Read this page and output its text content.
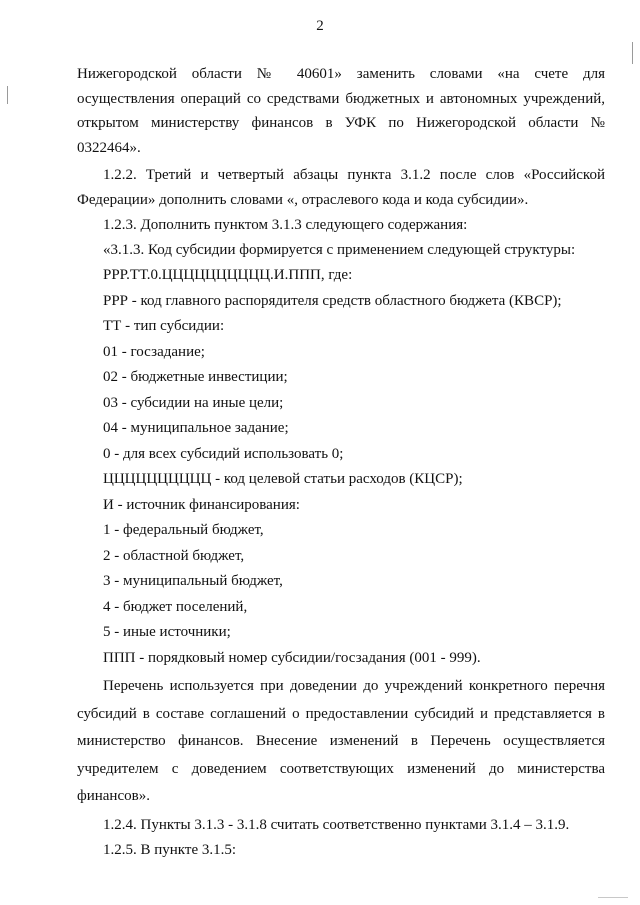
2
Нижегородской области № 40601» заменить словами «на счете для
осуществления операций со средствами бюджетных и автономных учреждений,
открытом министерству финансов в УФК по Нижегородской области №
0322464».
1.2.2. Третий и четвертый абзацы пункта 3.1.2 после слов «Российской
Федерации» дополнить словами «, отраслевого кода и кода субсидии».
1.2.3. Дополнить пунктом 3.1.3 следующего содержания:
«3.1.3. Код субсидии формируется с применением следующей структуры:
РРР.ТТ.0.ЦЦЦЦЦЦЦЦЦЦ.И.ППП, где:
РРР - код главного распорядителя средств областного бюджета (КВСР);
ТТ - тип субсидии:
01 - госзадание;
02 - бюджетные инвестиции;
03 - субсидии на иные цели;
04 - муниципальное задание;
0 - для всех субсидий использовать 0;
ЦЦЦЦЦЦЦЦЦЦ - код целевой статьи расходов (КЦСР);
И - источник финансирования:
1 - федеральный бюджет,
2 - областной бюджет,
3 - муниципальный бюджет,
4 - бюджет поселений,
5 - иные источники;
ППП - порядковый номер субсидии/госзадания (001 - 999).
Перечень используется при доведении до учреждений конкретного перечня
субсидий в составе соглашений о предоставлении субсидий и представляется в
министерство финансов. Внесение изменений в Перечень осуществляется
учредителем с доведением соответствующих изменений до министерства
финансов».
1.2.4. Пункты 3.1.3 - 3.1.8 считать соответственно пунктами 3.1.4 – 3.1.9.
1.2.5. В пункте 3.1.5:
